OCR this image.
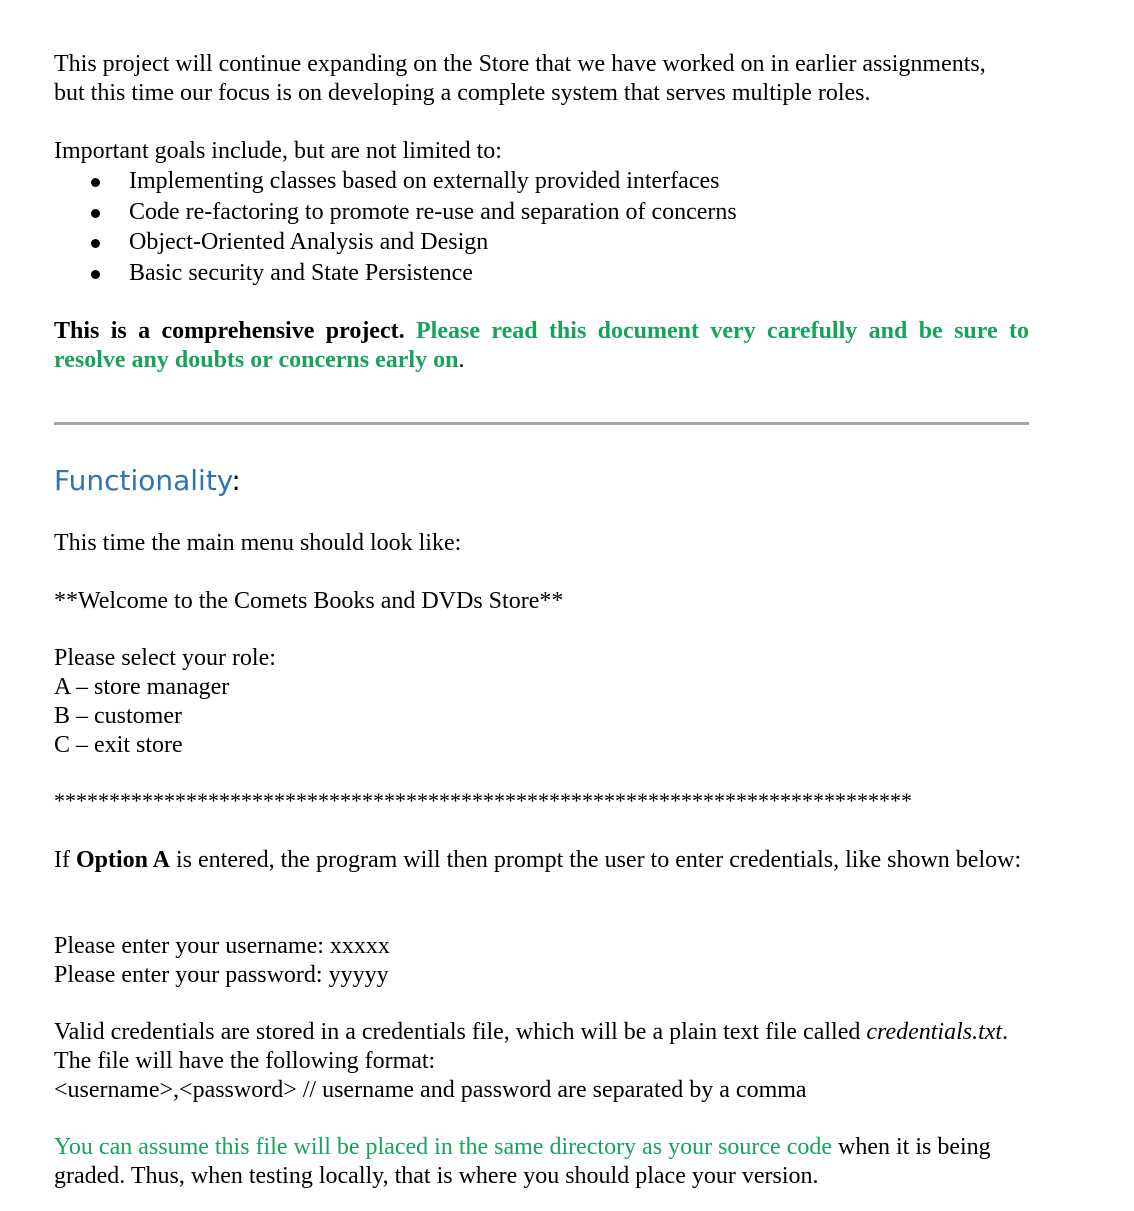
This project will continue expanding on the Store that we have worked on in earlier assignments,
but this time our focus is on developing a complete system that serves multiple roles.
Important goals include, but are not limited to:
Implementing classes based on externally provided interfaces
Code re-factoring to promote re-use and separation of concerns
Object-Oriented Analysis and Design
Basic security and State Persistence
This is a comprehensive project. Please read this document very carefully and be sure to resolve any doubts or concerns early on.
Functionality:
This time the main menu should look like:
**Welcome to the Comets Books and DVDs Store**
Please select your role:
A – store manager
B – customer
C – exit store
******************************************************************************
If Option A is entered, the program will then prompt the user to enter credentials, like shown below:
Please enter your username: xxxxx
Please enter your password: yyyyy
Valid credentials are stored in a credentials file, which will be a plain text file called credentials.txt.
The file will have the following format:
<username>,<password> // username and password are separated by a comma
You can assume this file will be placed in the same directory as your source code when it is being
graded. Thus, when testing locally, that is where you should place your version.
